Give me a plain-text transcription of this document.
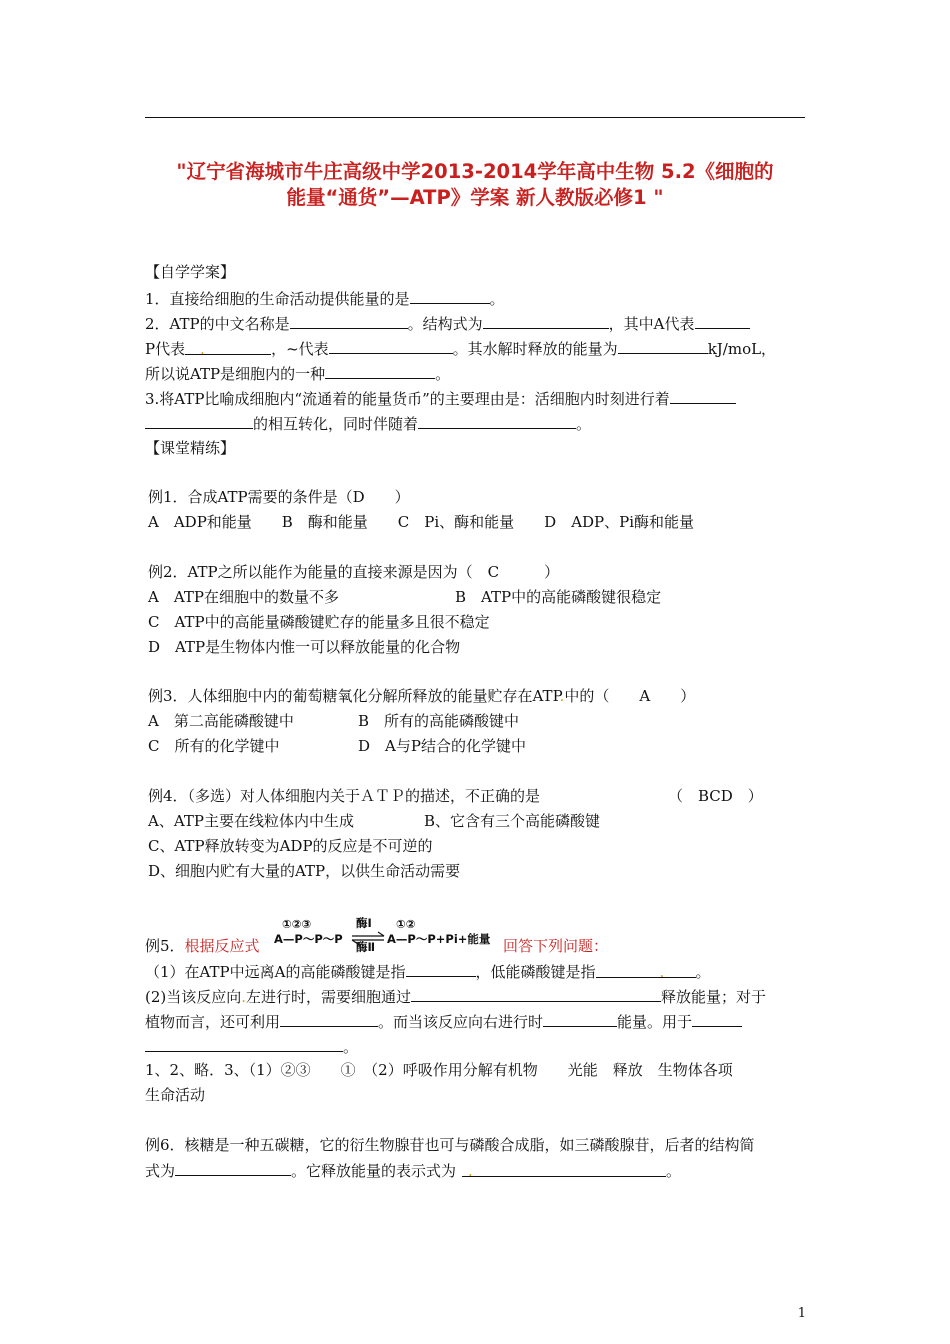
"辽宁省海城市牛庄高级中学2013-2014学年高中生物 5.2《细胞的
能量“通货”—ATP》学案 新人教版必修1 "
【自学学案】
1．直接给细胞的生命活动提供能量的是	。
2．ATP的中文名称是	。结构式为	，其中A代表
P代表　.	，~代表	。其水解时释放的能量为	kJ/moL，
所以说ATP是细胞内的一种	。
3.将ATP比喻成细胞内“流通着的能量货币”的主要理由是：活细胞内时刻进行着
的相互转化，同时伴随着	。
【课堂精练】
例1．合成ATP需要的条件是（D　　）
A　ADP和能量　　B　酶和能量　　C　Pi、酶和能量　　D　ADP、Pi酶和能量
例2．ATP之所以能作为能量的直接来源是因为（　C　　　）
A　ATP在细胞中的数量不多	B　ATP中的高能磷酸键很稳定
C　ATP中的高能量磷酸键贮存的能量多且很不稳定
D　ATP是生物体内惟一可以释放能量的化合物
例3．人体细胞中内的葡萄糖氧化分解所释放的能量贮存在ATP.中的（　　A　　）
A　第二高能磷酸键中	B　所有的高能磷酸键中
C　所有的化学键中	D　A与P结合的化学键中
例4．（多选）对人体细胞内关于ＡＴＰ的描述，不正确的是	（　BCD　）
A、ATP主要在线粒体内中生成	B、它含有三个高能磷酸键
C、ATP释放转变为ADP的反应是不可逆的
D、细胞内贮有大量的ATP，以供生命活动需要
①②③
A—P～P～P
酶Ⅰ
酶Ⅱ
①②
A—P～P+Pi+能量
例5．根据反应式	回答下列问题：
（1）在ATP中远离A的高能磷酸键是指	，低能磷酸键是指	. 。
(2)当该反应向.左进行时，需要细胞通过	释放能量；对于
植物而言，还可利用	。而当该反应向右进行时	能量。用于
。
1、2、略．3、（1）②③　　①　（2）呼吸作用分解有机物　　光能　释放　生物体各项
生命活动
例6．核糖是一种五碳糖，它的衍生物腺苷也可与磷酸合成脂，如三磷酸腺苷，后者的结构简
式为	。它释放能量的表示式为 .	。
1
